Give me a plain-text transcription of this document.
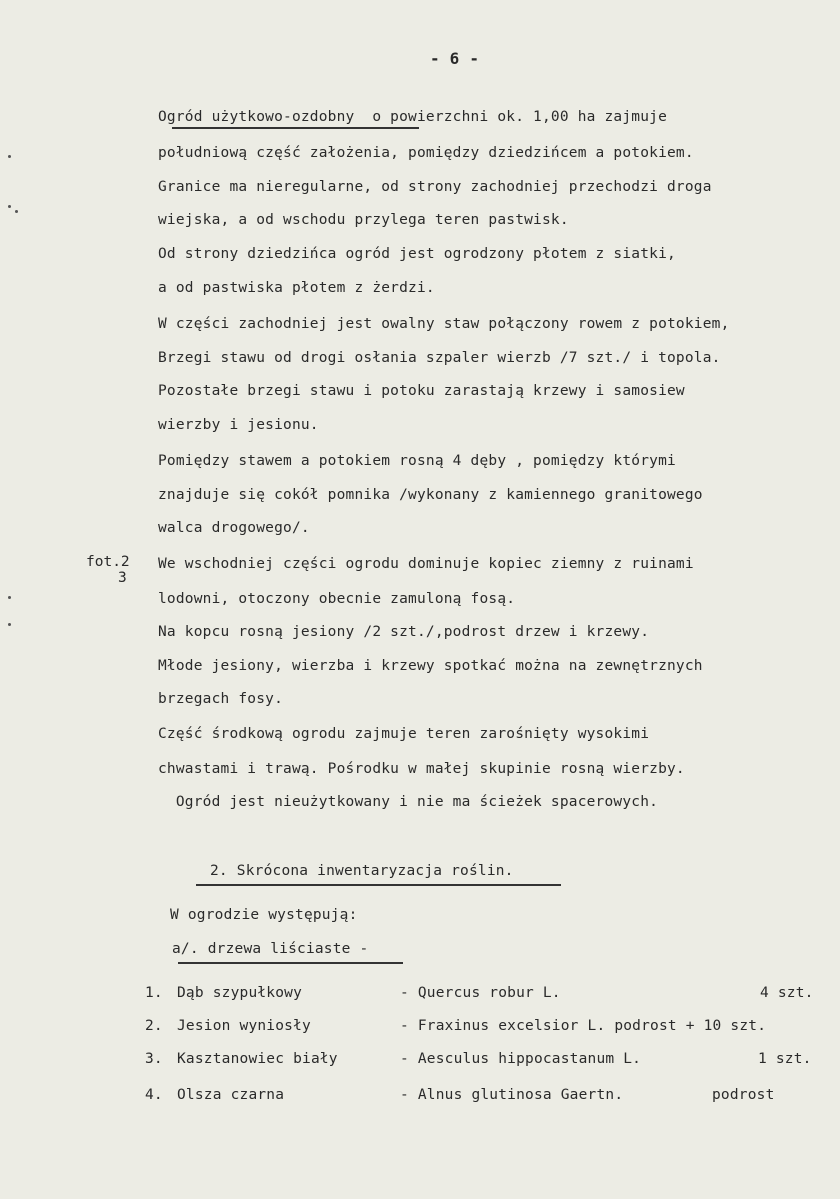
- 6 -
Ogród użytkowo-ozdobny  o powierzchni ok. 1,00 ha zajmuje
południową część założenia, pomiędzy dziedzińcem a potokiem.
Granice ma nieregularne, od strony zachodniej przechodzi droga
wiejska, a od wschodu przylega teren pastwisk.
Od strony dziedzińca ogród jest ogrodzony płotem z siatki,
a od pastwiska płotem z żerdzi.
W części zachodniej jest owalny staw połączony rowem z potokiem,
Brzegi stawu od drogi osłania szpaler wierzb /7 szt./ i topola.
Pozostałe brzegi stawu i potoku zarastają krzewy i samosiew
wierzby i jesionu.
Pomiędzy stawem a potokiem rosną 4 dęby , pomiędzy którymi
znajduje się cokół pomnika /wykonany z kamiennego granitowego
walca drogowego/.
fot.2
3
We wschodniej części ogrodu dominuje kopiec ziemny z ruinami
lodowni, otoczony obecnie zamuloną fosą.
Na kopcu rosną jesiony /2 szt./,podrost drzew i krzewy.
Młode jesiony, wierzba i krzewy spotkać można na zewnętrznych
brzegach fosy.
Część środkową ogrodu zajmuje teren zarośnięty wysokimi
chwastami i trawą. Pośrodku w małej skupinie rosną wierzby.
Ogród jest nieużytkowany i nie ma ścieżek spacerowych.
2. Skrócona inwentaryzacja roślin.
W ogrodzie występują:
a/. drzewa liściaste -
1. Dąb szypułkowy	- Quercus robur L.	4 szt.
2. Jesion wyniosły	- Fraxinus excelsior L. podrost + 10 szt.
3. Kasztanowiec biały	- Aesculus hippocastanum L.	1 szt.
4. Olsza czarna	- Alnus glutinosa Gaertn.	podrost
